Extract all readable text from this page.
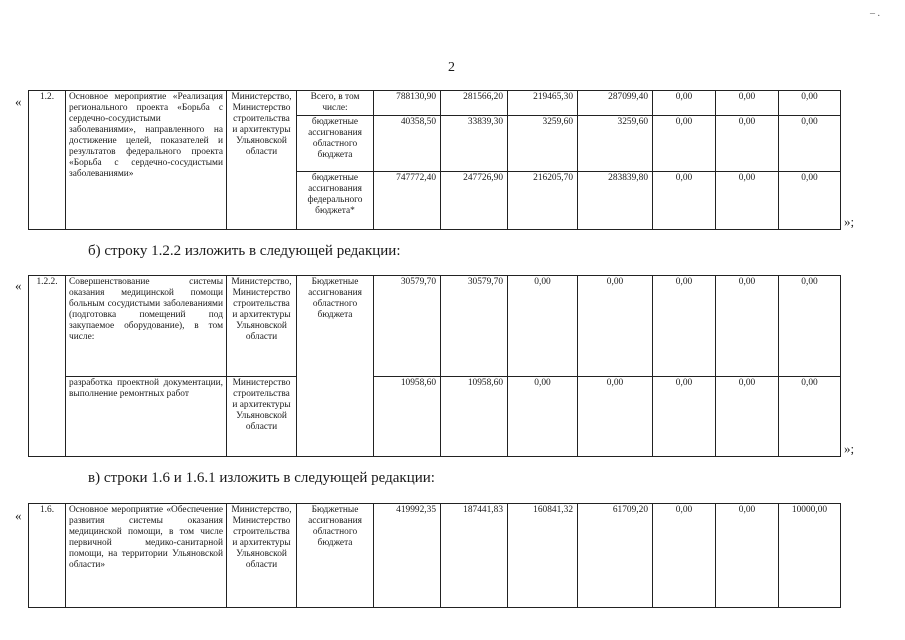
– .
2
« 1.2.	Основное мероприятие «Реализация регионального проекта «Борьба с сердечно-сосудистыми заболеваниями», направленного на достижение целей, показателей и результатов федерального проекта «Борьба с сердечно-сосудистыми заболеваниями»	Министерство, Министерство строительства и архитектуры Ульяновской области	Всего, в том числе:	788130,90	281566,20	219465,30	287099,40	0,00	0,00	0,00
			бюджетные ассигнования областного бюджета	40358,50	33839,30	3259,60	3259,60	0,00	0,00	0,00
			бюджетные ассигнования федерального бюджета*	747772,40	247726,90	216205,70	283839,80	0,00	0,00	0,00
»;
б) строку 1.2.2 изложить в следующей редакции:
« 1.2.2.	Совершенствование системы оказания медицинской помощи больным сосудистыми заболеваниями (подготовка помещений под закупаемое оборудование), в том числе:	Министерство, Министерство строительства и архитектуры Ульяновской области	Бюджетные ассигнования областного бюджета	30579,70	30579,70	0,00	0,00	0,00	0,00	0,00
	разработка проектной документации, выполнение ремонтных работ	Министерство строительства и архитектуры Ульяновской области		10958,60	10958,60	0,00	0,00	0,00	0,00	0,00
»;
в) строки 1.6 и 1.6.1 изложить в следующей редакции:
« 1.6.	Основное мероприятие «Обеспечение развития системы оказания медицинской помощи, в том числе первичной медико-санитарной помощи, на территории Ульяновской области»	Министерство, Министерство строительства и архитектуры Ульяновской области	Бюджетные ассигнования областного бюджета	419992,35	187441,83	160841,32	61709,20	0,00	0,00	10000,00
